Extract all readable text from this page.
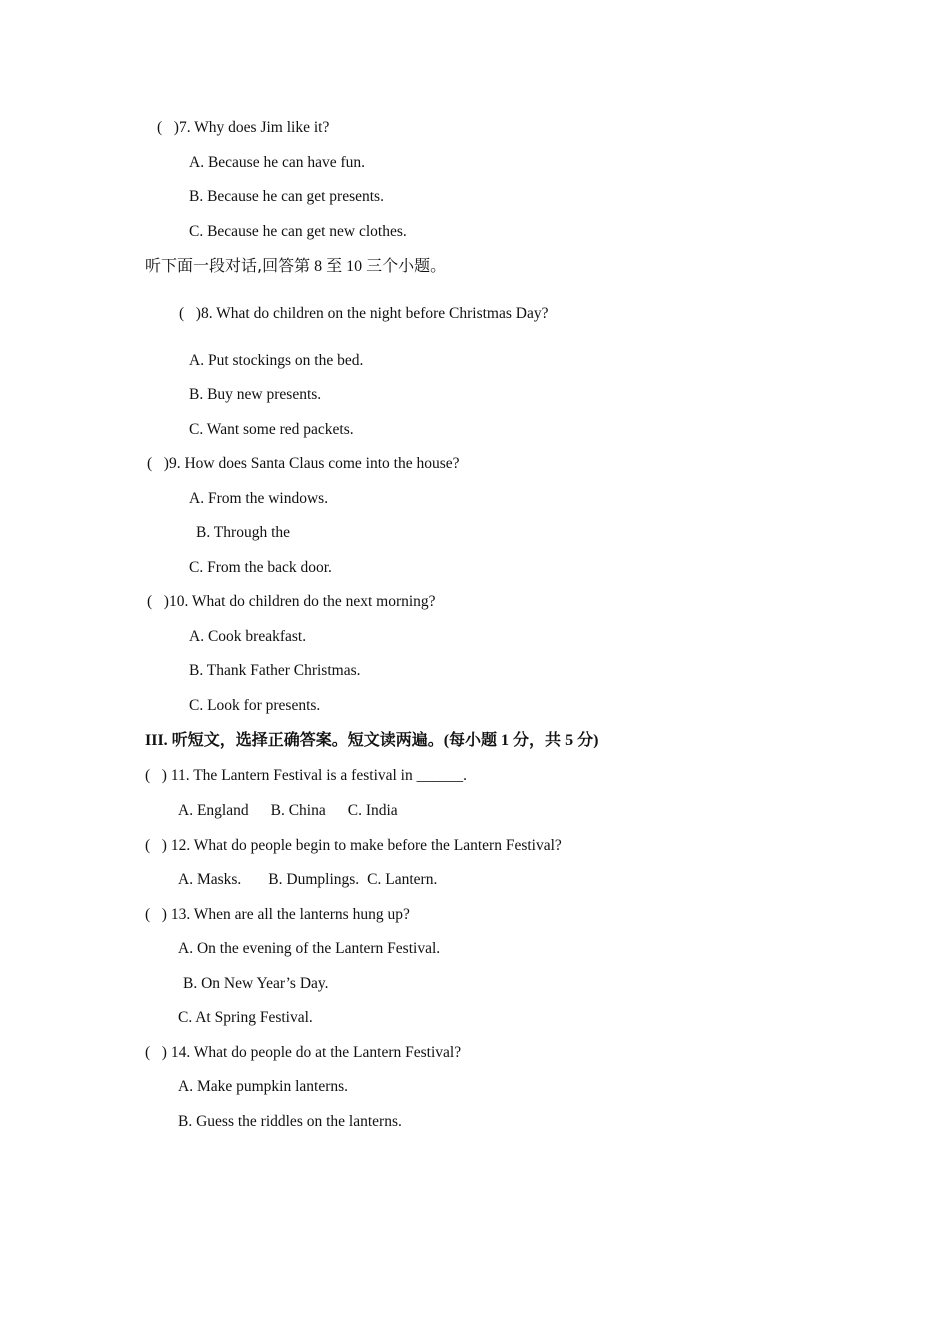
(   )7. Why does Jim like it?
A. Because he can have fun.
B. Because he can get presents.
C. Because he can get new clothes.
听下面一段对话,回答第 8 至 10 三个小题。
(   )8. What do children on the night before Christmas Day?
A. Put stockings on the bed.
B. Buy new presents.
C. Want some red packets.
(   )9. How does Santa Claus come into the house?
A. From the windows.
B. Through the
C. From the back door.
(   )10. What do children do the next morning?
A. Cook breakfast.
B. Thank Father Christmas.
C. Look for presents.
III. 听短文，选择正确答案。短文读两遍。(每小题 1 分，共 5 分)
(   ) 11. The Lantern Festival is a festival in ______.
A. England B. China C. India
(   ) 12. What do people begin to make before the Lantern Festival?
A. Masks. B. Dumplings. C. Lantern.
(   ) 13. When are all the lanterns hung up?
A. On the evening of the Lantern Festival.
B. On New Year’s Day.
C. At Spring Festival.
(   ) 14. What do people do at the Lantern Festival?
A. Make pumpkin lanterns.
B. Guess the riddles on the lanterns.
